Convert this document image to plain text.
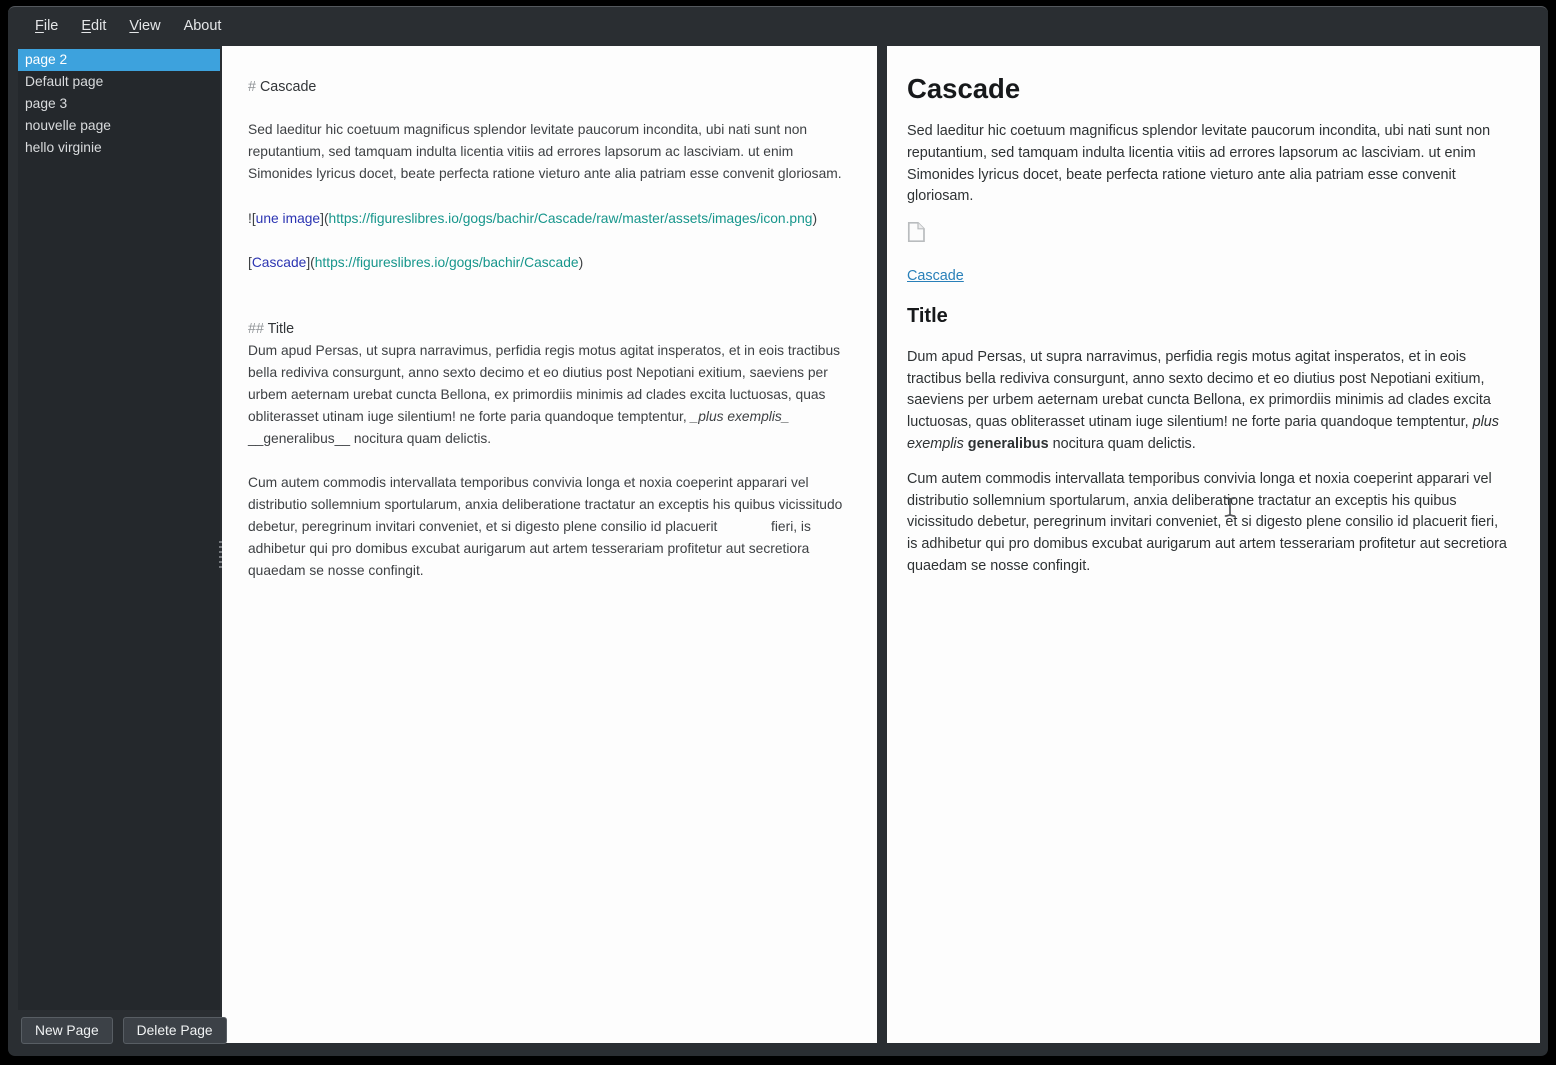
File Edit View About
page 2
Default page
page 3
nouvelle page
hello virginie
# Cascade
Sed laeditur hic coetuum magnificus splendor levitate paucorum incondita, ubi nati sunt non reputantium, sed tamquam indulta licentia vitiis ad errores lapsorum ac lasciviam. ut enim Simonides lyricus docet, beate perfecta ratione vieturo ante alia patriam esse convenit gloriosam.
![une image](https://figureslibres.io/gogs/bachir/Cascade/raw/master/assets/images/icon.png)
[Cascade](https://figureslibres.io/gogs/bachir/Cascade)
## Title
Dum apud Persas, ut supra narravimus, perfidia regis motus agitat insperatos, et in eois tractibus bella rediviva consurgunt, anno sexto decimo et eo diutius post Nepotiani exitium, saeviens per urbem aeternam urebat cuncta Bellona, ex primordiis minimis ad clades excita luctuosas, quas obliterasset utinam iuge silentium! ne forte paria quandoque temptentur, _plus exemplis_ __generalibus__ nocitura quam delictis.
Cum autem commodis intervallata temporibus convivia longa et noxia coeperint apparari vel distributio sollemnium sportularum, anxia deliberatione tractatur an exceptis his quibus vicissitudo debetur, peregrinum invitari conveniet, et si digesto plene consilio id placuerit              fieri, is adhibetur qui pro domibus excubat aurigarum aut artem tesserariam profitetur aut secretiora quaedam se nosse confingit.
Cascade
Sed laeditur hic coetuum magnificus splendor levitate paucorum incondita, ubi nati sunt non reputantium, sed tamquam indulta licentia vitiis ad errores lapsorum ac lasciviam. ut enim Simonides lyricus docet, beate perfecta ratione vieturo ante alia patriam esse convenit gloriosam.
Cascade
Title
Dum apud Persas, ut supra narravimus, perfidia regis motus agitat insperatos, et in eois tractibus bella rediviva consurgunt, anno sexto decimo et eo diutius post Nepotiani exitium, saeviens per urbem aeternam urebat cuncta Bellona, ex primordiis minimis ad clades excita luctuosas, quas obliterasset utinam iuge silentium! ne forte paria quandoque temptentur, plus exemplis generalibus nocitura quam delictis.
Cum autem commodis intervallata temporibus convivia longa et noxia coeperint apparari vel distributio sollemnium sportularum, anxia deliberatione tractatur an exceptis his quibus vicissitudo debetur, peregrinum invitari conveniet, et si digesto plene consilio id placuerit fieri, is adhibetur qui pro domibus excubat aurigarum aut artem tesserariam profitetur aut secretiora quaedam se nosse confingit.
New Page	Delete Page
